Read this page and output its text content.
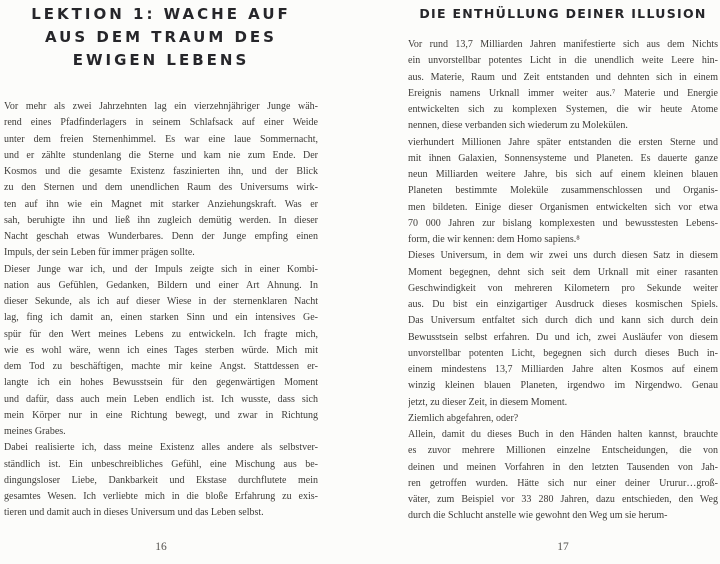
LEKTION 1: WACHE AUF
AUS DEM TRAUM DES
EWIGEN LEBENS
Vor mehr als zwei Jahrzehnten lag ein vierzehnjähriger Junge wäh-
rend eines Pfadfinderlagers in seinem Schlafsack auf einer Weide
unter dem freien Sternenhimmel. Es war eine laue Sommernacht,
und er zählte stundenlang die Sterne und kam nie zum Ende. Der
Kosmos und die gesamte Existenz faszinierten ihn, und der Blick
zu den Sternen und dem unendlichen Raum des Universums wirk-
ten auf ihn wie ein Magnet mit starker Anziehungskraft. Was er
sah, beruhigte ihn und ließ ihn zugleich demütig werden. In dieser
Nacht geschah etwas Wunderbares. Denn der Junge empfing einen
Impuls, der sein Leben für immer prägen sollte.
Dieser Junge war ich, und der Impuls zeigte sich in einer Kombi-
nation aus Gefühlen, Gedanken, Bildern und einer Art Ahnung. In
dieser Sekunde, als ich auf dieser Wiese in der sternenklaren Nacht
lag, fing ich damit an, einen starken Sinn und ein intensives Ge-
spür für den Wert meines Lebens zu entwickeln. Ich fragte mich,
wie es wohl wäre, wenn ich eines Tages sterben würde. Mich mit
dem Tod zu beschäftigen, machte mir keine Angst. Stattdessen er-
langte ich ein hohes Bewusstsein für den gegenwärtigen Moment
und dafür, dass auch mein Leben endlich ist. Ich wusste, dass sich
mein Körper nur in eine Richtung bewegt, und zwar in Richtung
meines Grabes.
Dabei realisierte ich, dass meine Existenz alles andere als selbstver-
ständlich ist. Ein unbeschreibliches Gefühl, eine Mischung aus be-
dingungsloser Liebe, Dankbarkeit und Ekstase durchflutete mein
gesamtes Wesen. Ich verliebte mich in die bloße Erfahrung zu exis-
tieren und damit auch in dieses Universum und das Leben selbst.
16
DIE ENTHÜLLUNG DEINER ILLUSION
Vor rund 13,7 Milliarden Jahren manifestierte sich aus dem Nichts
ein unvorstellbar potentes Licht in die unendlich weite Leere hin-
aus. Materie, Raum und Zeit entstanden und dehnten sich in einem
Ereignis namens Urknall immer weiter aus.⁷ Materie und Energie
entwickelten sich zu komplexen Systemen, die wir heute Atome
nennen, diese verbanden sich wiederum zu Molekülen.
vierhundert Millionen Jahre später entstanden die ersten Sterne und
mit ihnen Galaxien, Sonnensysteme und Planeten. Es dauerte ganze
neun Milliarden weitere Jahre, bis sich auf einem kleinen blauen
Planeten bestimmte Moleküle zusammenschlossen und Organis-
men bildeten. Einige dieser Organismen entwickelten sich vor etwa
70 000 Jahren zur bislang komplexesten und bewusstesten Lebens-
form, die wir kennen: dem Homo sapiens.⁸
Dieses Universum, in dem wir zwei uns durch diesen Satz in diesem
Moment begegnen, dehnt sich seit dem Urknall mit einer rasanten
Geschwindigkeit von mehreren Kilometern pro Sekunde weiter
aus. Du bist ein einzigartiger Ausdruck dieses kosmischen Spiels.
Das Universum entfaltet sich durch dich und kann sich durch dein
Bewusstsein selbst erfahren. Du und ich, zwei Ausläufer von diesem
unvorstellbar potenten Licht, begegnen sich durch dieses Buch in-
einem mindestens 13,7 Milliarden Jahre alten Kosmos auf einem
winzig kleinen blauen Planeten, irgendwo im Nirgendwo. Genau
jetzt, zu dieser Zeit, in diesem Moment.
Ziemlich abgefahren, oder?
Allein, damit du dieses Buch in den Händen halten kannst, brauchte
es zuvor mehrere Millionen einzelne Entscheidungen, die von
deinen und meinen Vorfahren in den letzten Tausenden von Jah-
ren getroffen wurden. Hätte sich nur einer deiner Ururur…groß-
väter, zum Beispiel vor 33 280 Jahren, dazu entschieden, den Weg
durch die Schlucht anstelle wie gewohnt den Weg um sie herum-
17
